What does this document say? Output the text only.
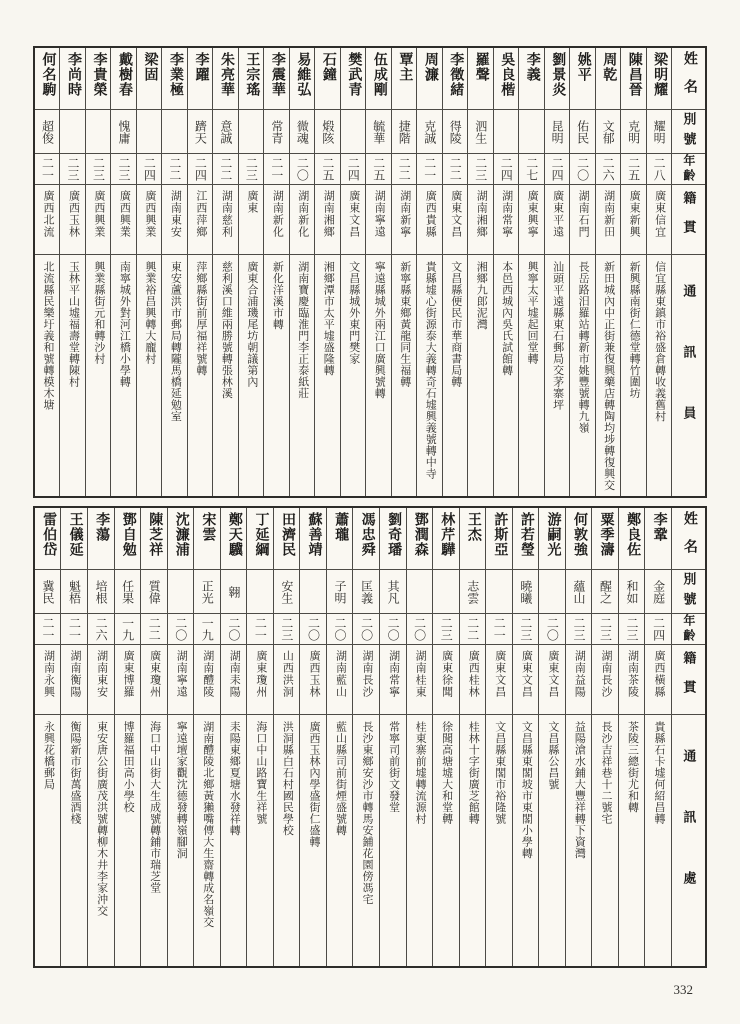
姓名
別號
年齡
籍貫
通訊員
梁明耀
耀明
二八
廣東信宜
信宜縣東鎮市裕盛倉轉收義舊村
陳昌晉
克明
二五
廣東新興
新興縣南街仁德堂轉竹圍坊
周乾
文郁
二六
湖南新田
新田城內中正街兼復興藥店轉陶均埗轉復興交
姚平
佑民
二〇
湖南石門
長岳路汨羅站轉新市姚豐號轉九嶺
劉景炎
昆明
二四
廣東平遠
汕頭平遠縣東石郵局交茅寨坪
李義
二七
廣東興寧
興寧太平墟起回堂轉
吳良楷
二四
湖南常寧
本邑西城內吳氏試館轉
羅聲
泗生
二三
湖南湘鄉
湘鄉九郎泥灣
李徵緒
得陵
二二
廣東文昌
文昌縣便民市華商書局轉
周濂
克誠
二一
廣西貴縣
貴縣墟心街源泰大義轉奇石墟興義號轉中寺
覃主
捷階
二二
湖南新寧
新寧縣東鄉黃龍同生福轉
伍成剛
毓華
二五
湖南寧遠
寧遠縣城外兩江口廣興號轉
樊武青
二四
廣東文昌
文昌縣城外東門樊家
石鐘
煅陔
二五
湖南湘鄉
湘鄉潭市太平墟盛隆轉
易維弘
微魂
二〇
湖南新化
湖南寶慶臨淮門李正泰紙莊
李震華
常青
二一
湖南新化
新化洋溪市轉
王宗瑤
二三
廣東
廣東合浦璣尾坊朝議第內
朱亮華
意誠
二二
湖南慈利
慈利溪口維兩勝號轉張林溪
李躍
躋天
二四
江西萍鄉
萍鄉縣街前厚福祥號轉
李業極
二二
湖南東安
東安蘆洪市郵局轉隴馬橋延勉室
梁固
二四
廣西興業
興業裕昌興轉大龐村
戴樹春
愧庸
二三
廣西興業
南寧城外對河江橋小學轉
李貴榮
二三
廣西興業
興業縣街元和轉沙村
李尚時
二三
廣西玉林
玉林平山墟福壽堂轉陳村
何名駒
超俊
二一
廣西北流
北流縣民樂圩義和號轉模木塘
姓名
別號
年齡
籍貫
通訊處
李鞏
金庭
二四
廣西橫縣
貴縣石卡墟何紹昌轉
鄭良佐
和如
二三
湖南茶陵
茶陵三總街尤和轉
粟季濤
醒之
二三
湖南長沙
長沙吉祥巷十二號宅
何敦強
蘊山
二三
湖南益陽
益陽滄水鋪大豐祥轉下資灣
游嗣光
二〇
廣東文昌
文昌縣公昌號
許若瑩
曉曦
二三
廣東文昌
文昌縣東閣坡市東閣小學轉
許斯亞
二一
廣東文昌
文昌縣東閣市裕隆號
王杰
志雲
二二
廣西桂林
桂林十字街廣芝館轉
林芹驊
二三
廣東徐聞
徐聞高塘墟大和堂轉
鄧潤森
二〇
湖南桂東
桂東寨前墟轉流源村
劉奇璠
其凡
二〇
湖南常寧
常寧司前街文發堂
馮忠舜
匡義
二〇
湖南長沙
長沙東鄉安沙市轉馬安鋪花園傍馮宅
蕭瓏
子明
二〇
湖南藍山
藍山縣司前街煙盛號轉
蘇善靖
二〇
廣西玉林
廣西玉林內學盛街仁盛轉
田濟民
安生
二三
山西洪洞
洪洞縣白石村國民學校
丁延綱
二一
廣東瓊州
海口中山路寶生祥號
鄭天驥
翱
二〇
湖南耒陽
耒陽東鄉夏塘水發祥轉
宋雲
正光
一九
湖南醴陵
湖南醴陵北鄉黃獺嘴傳大生齋轉成名嶺交
沈濂浦
二〇
湖南寧遠
寧遠壇家觀沈德發轉嶺腳洞
陳芝祥
質偉
二二
廣東瓊州
海口中山街大生成號轉鋪市瑞芝堂
鄧自勉
任果
一九
廣東博羅
博羅福田高小學校
李蕩
培根
二六
湖南東安
東安唐公街廣茂洪號轉柳木井李家沖交
王儀延
魁梧
二一
湖南衡陽
衡陽新市街萬盛酒棧
雷伯岱
冀民
二一
湖南永興
永興花橋郵局
332
